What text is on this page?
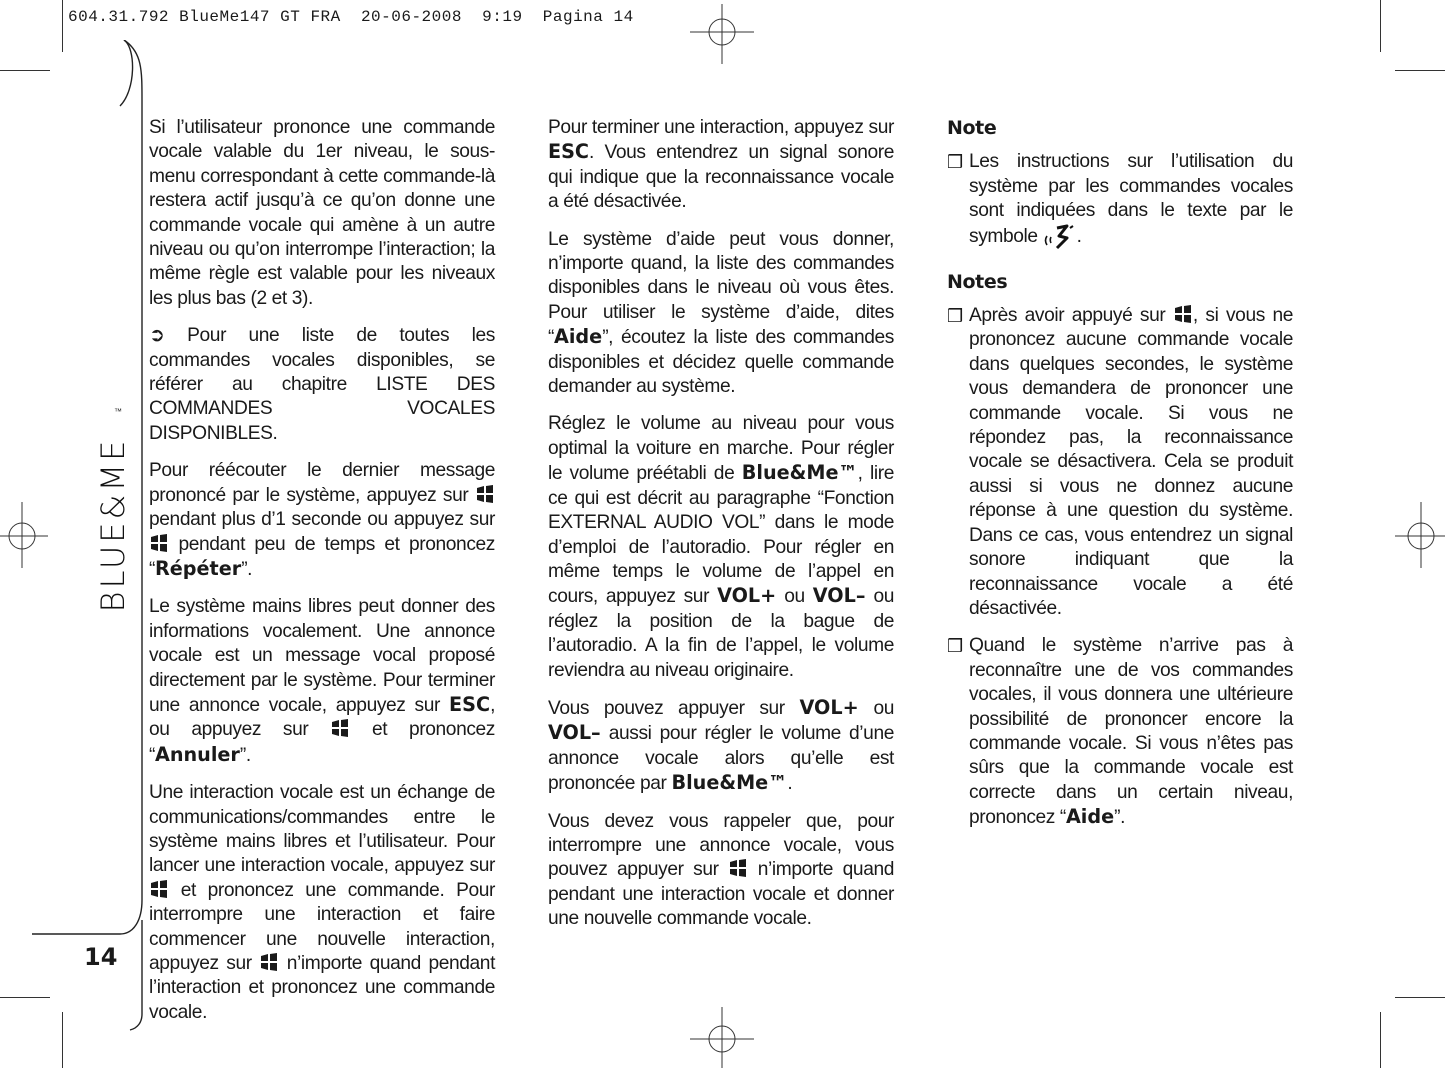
604.31.792 BlueMe147 GT FRA  20-06-2008  9:19  Pagina 14
BLUE&ME
™
14

Si l’utilisateur prononce une commande vocale valable du 1er niveau, le sous-menu correspondant à cette commande-là restera actif jusqu’à ce qu’on donne une commande vocale qui amène à un autre niveau ou qu’on interrompe l’interaction; la même règle est valable pour les niveaux les plus bas (2 et 3).

➲ Pour une liste de toutes les commandes vocales disponibles, se référer au chapitre LISTE DES COMMANDES VOCALES DISPONIBLES.

Pour réécouter le dernier message prononcé par le système, appuyez sur  pendant plus d’1 seconde ou appuyez sur  pendant peu de temps et prononcez “Répéter”.

Le système mains libres peut donner des informations vocalement. Une annonce vocale est un message vocal proposé directement par le système. Pour terminer une annonce vocale, appuyez sur ESC, ou appuyez sur	et prononcez “Annuler”.

Une interaction vocale est un échange de communications/commandes entre le système mains libres et l’utilisateur. Pour lancer une interaction vocale, appuyez sur  et prononcez une commande. Pour interrompre une interaction et faire commencer une nouvelle interaction, appuyez sur n’importe quand pendant l’interaction et prononcez une commande vocale.

Pour terminer une interaction, appuyez sur ESC. Vous entendrez un signal sonore qui indique que la reconnaissance vocale a été désactivée.

Le système d’aide peut vous donner, n’importe quand, la liste des commandes disponibles dans le niveau où vous êtes. Pour utiliser le système d’aide, dites “Aide”, écoutez la liste des commandes disponibles et décidez quelle commande demander au système.

Réglez le volume au niveau pour vous optimal la voiture en marche. Pour régler le volume préétabli de Blue&Me™, lire ce qui est décrit au paragraphe “Fonction EXTERNAL AUDIO VOL” dans le mode d’emploi de l’autoradio. Pour régler en même temps le volume de l’appel en cours, appuyez sur VOL+ ou VOL– ou réglez la position de la bague de l’autoradio. A la fin de l’appel, le volume reviendra au niveau originaire.

Vous pouvez appuyer sur VOL+ ou VOL– aussi pour régler le volume d’une annonce vocale alors qu’elle est prononcée par Blue&Me™.

Vous devez vous rappeler que, pour interrompre une annonce vocale, vous pouvez appuyer sur n’importe quand pendant une interaction vocale et donner une nouvelle commande vocale.

Note
❒ Les instructions sur l’utilisation du système par les commandes vocales sont indiquées dans le texte par le symbole .
Notes
❒ Après avoir appuyé sur , si vous ne prononcez aucune commande vocale dans quelques secondes, le système vous demandera de prononcer une commande vocale. Si vous ne répondez pas, la reconnaissance vocale se désactivera. Cela se produit aussi si vous ne donnez aucune réponse à une question du système. Dans ce cas, vous entendrez un signal sonore indiquant que la reconnaissance vocale a été désactivée.
❒ Quand le système n’arrive pas à reconnaître une de vos commandes vocales, il vous donnera une ultérieure possibilité de prononcer encore la commande vocale. Si vous n’êtes pas sûrs que la commande vocale est correcte dans un certain niveau, prononcez “Aide”.
